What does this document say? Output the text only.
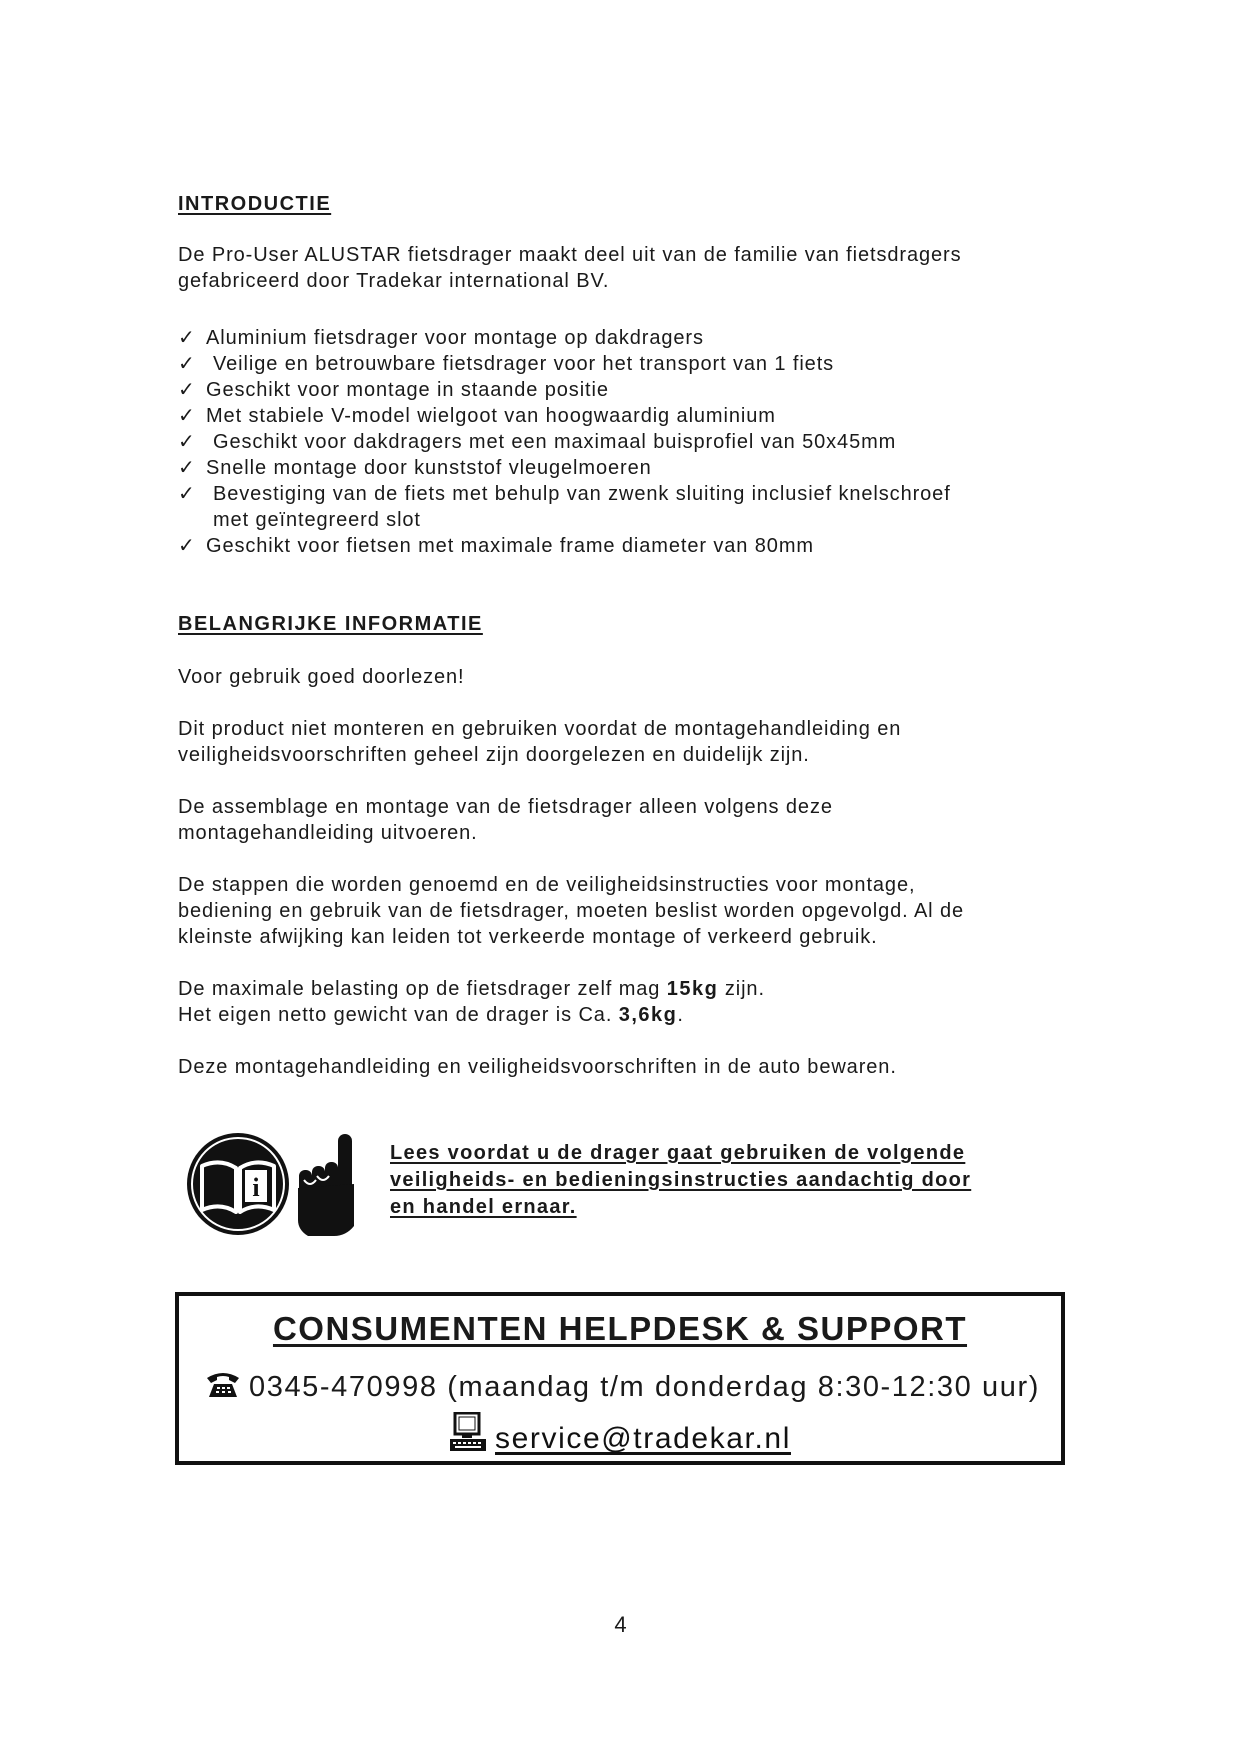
INTRODUCTIE

De Pro-User ALUSTAR fietsdrager maakt deel uit van de familie van fietsdragers
gefabriceerd door Tradekar international BV.

✓ Aluminium fietsdrager voor montage op dakdragers
✓ Veilige en betrouwbare fietsdrager voor het transport van 1 fiets
✓ Geschikt voor montage in staande positie
✓ Met stabiele V-model wielgoot van hoogwaardig aluminium
✓ Geschikt voor dakdragers met een maximaal buisprofiel van 50x45mm
✓ Snelle montage door kunststof vleugelmoeren
✓ Bevestiging van de fiets met behulp van zwenk sluiting inclusief knelschroef
met geïntegreerd slot
✓ Geschikt voor fietsen met maximale frame diameter van 80mm
BELANGRIJKE INFORMATIE

Voor gebruik goed doorlezen!

Dit product niet monteren en gebruiken voordat de montagehandleiding en
veiligheidsvoorschriften geheel zijn doorgelezen en duidelijk zijn.

De assemblage en montage van de fietsdrager alleen volgens deze
montagehandleiding uitvoeren.

De stappen die worden genoemd en de veiligheidsinstructies voor montage,
bediening en gebruik van de fietsdrager, moeten beslist worden opgevolgd. Al de
kleinste afwijking kan leiden tot verkeerde montage of verkeerd gebruik.

De maximale belasting op de fietsdrager zelf mag 15kg zijn.
Het eigen netto gewicht van de drager is Ca. 3,6kg.

Deze montagehandleiding en veiligheidsvoorschriften in de auto bewaren.

i
Lees voordat u de drager gaat gebruiken de volgende
veiligheids- en bedieningsinstructies aandachtig door
en handel ernaar.
CONSUMENTEN HELPDESK & SUPPORT
0345-470998 (maandag t/m donderdag 8:30-12:30 uur)
service@tradekar.nl
4
